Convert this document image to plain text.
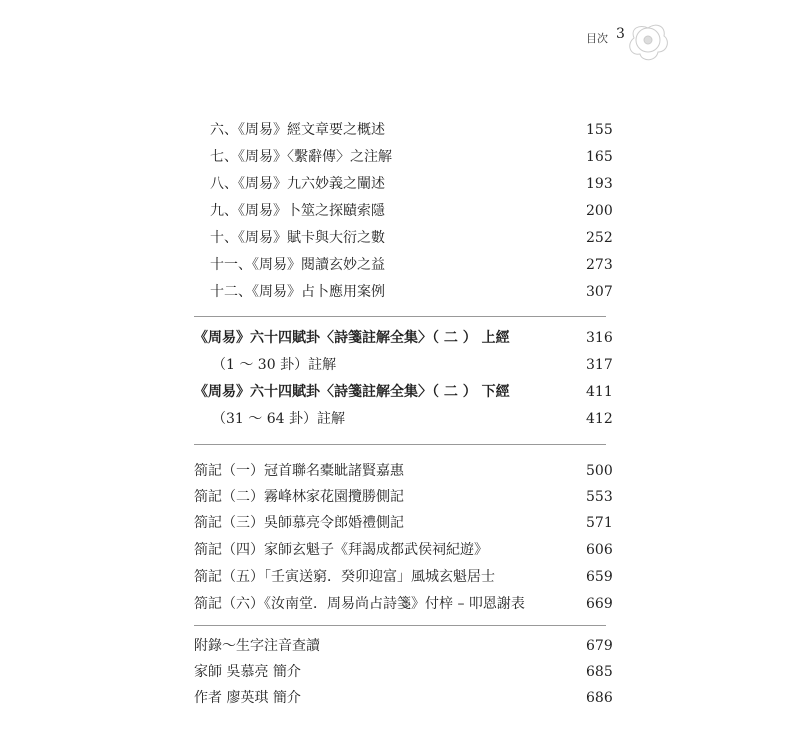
目次 3
六、《周易》經文章要之概述	155
七、《周易》〈繫辭傳〉之注解	165
八、《周易》九六妙義之闡述	193
九、《周易》卜筮之探賾索隱	200
十、《周易》賦卡與大衍之數	252
十一、《周易》閱讀玄妙之益	273
十二、《周易》占卜應用案例	307
《周易》六十四賦卦〈詩箋註解全集〉（ 二 ） 上經	316
（1 ～ 30 卦）註解	317
《周易》六十四賦卦〈詩箋註解全集〉（ 二 ） 下經	411
（31 ～ 64 卦）註解	412
箚記（一）冠首聯名橐眦諸賢嘉惠	500
箚記（二）霧峰林家花園攬勝側記	553
箚記（三）吳師慕亮令郎婚禮側記	571
箚記（四）家師玄魁子《拜謁成都武侯祠紀遊》	606
箚記（五）「壬寅送窮．癸卯迎富」風城玄魁居士	659
箚記（六）《汝南堂．周易尚占詩箋》付梓 – 叩恩謝表	669
附錄～生字注音查讀	679
家師 吳慕亮 簡介	685
作者 廖英琪 簡介	686
